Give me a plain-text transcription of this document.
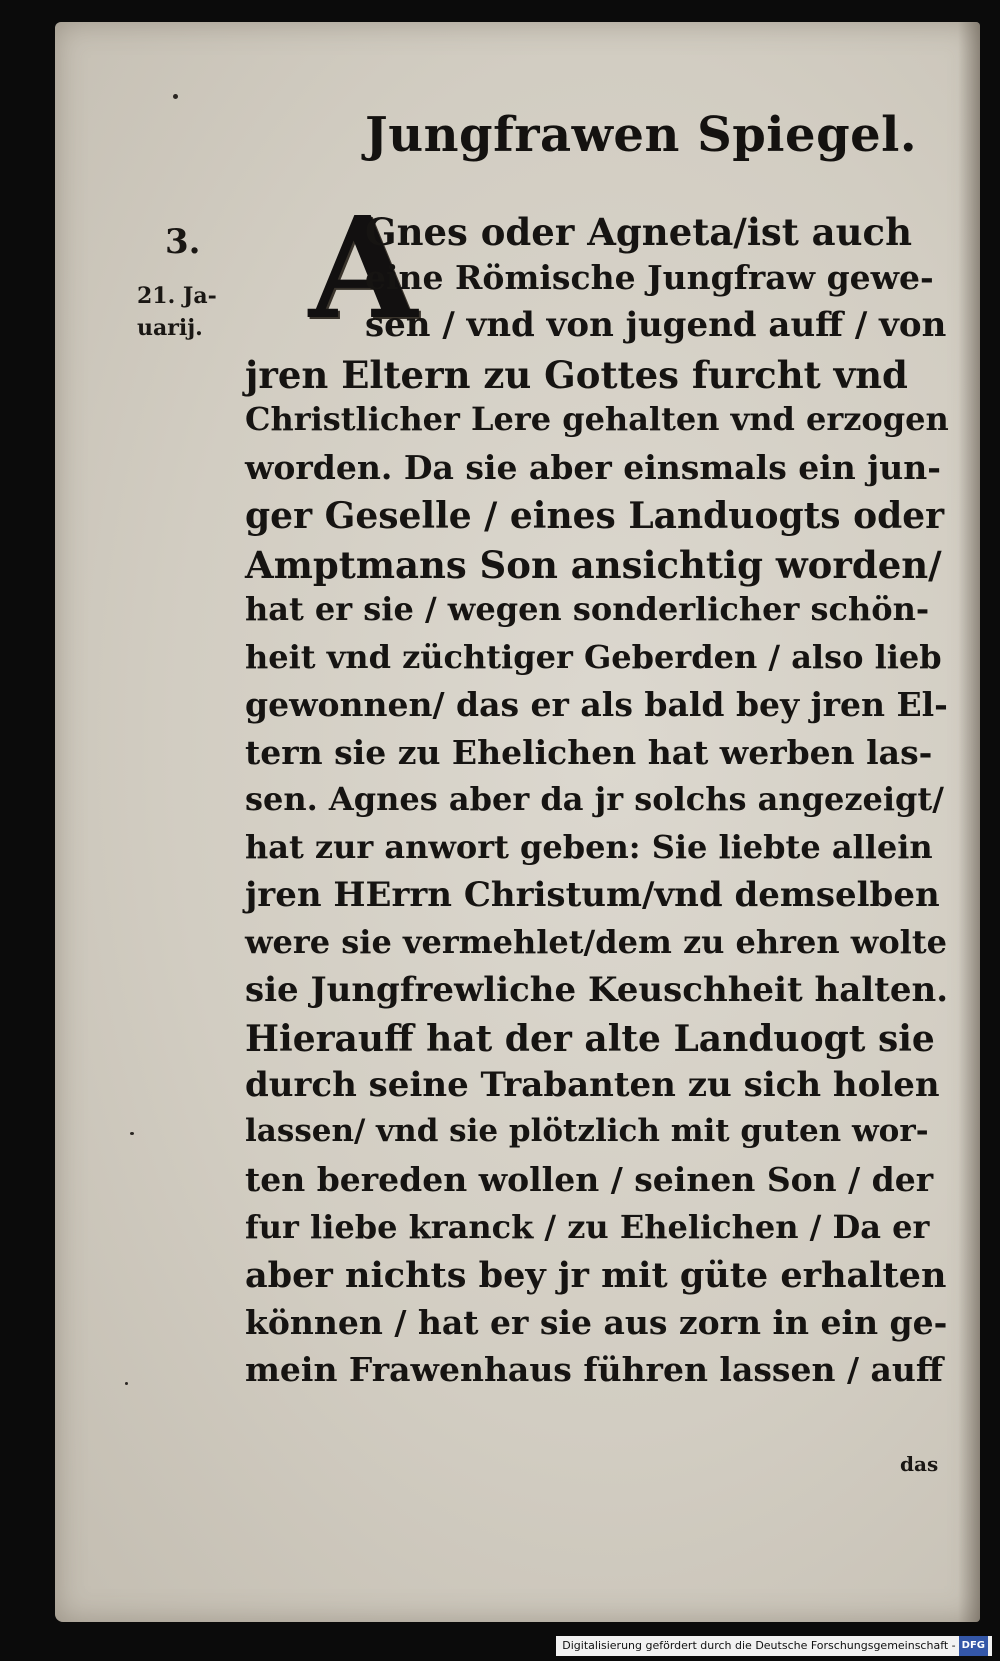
Jungfrawen Spiegel.
3.
21. Ja-
uarij. A
Gnes oder Agneta/ist auch
eine Römische Jungfraw gewe-
sen / vnd von jugend auff / von
jren Eltern zu Gottes furcht vnd
Christlicher Lere gehalten vnd erzogen
worden. Da sie aber einsmals ein jun-
ger Geselle / eines Landuogts oder
Amptmans Son ansichtig worden/
hat er sie / wegen sonderlicher schön-
heit vnd züchtiger Geberden / also lieb
gewonnen/ das er als bald bey jren El-
tern sie zu Ehelichen hat werben las-
sen. Agnes aber da jr solchs angezeigt/
hat zur anwort geben: Sie liebte allein
jren HErrn Christum/vnd demselben
were sie vermehlet/dem zu ehren wolte
sie Jungfrewliche Keuschheit halten.
Hierauff hat der alte Landuogt sie
durch seine Trabanten zu sich holen
lassen/ vnd sie plötzlich mit guten wor-
ten bereden wollen / seinen Son / der
fur liebe kranck / zu Ehelichen / Da er
aber nichts bey jr mit güte erhalten
können / hat er sie aus zorn in ein ge-
mein Frawenhaus führen lassen / auff
das
Digitalisierung gefördert durch die Deutsche Forschungsgemeinschaft - DFG
